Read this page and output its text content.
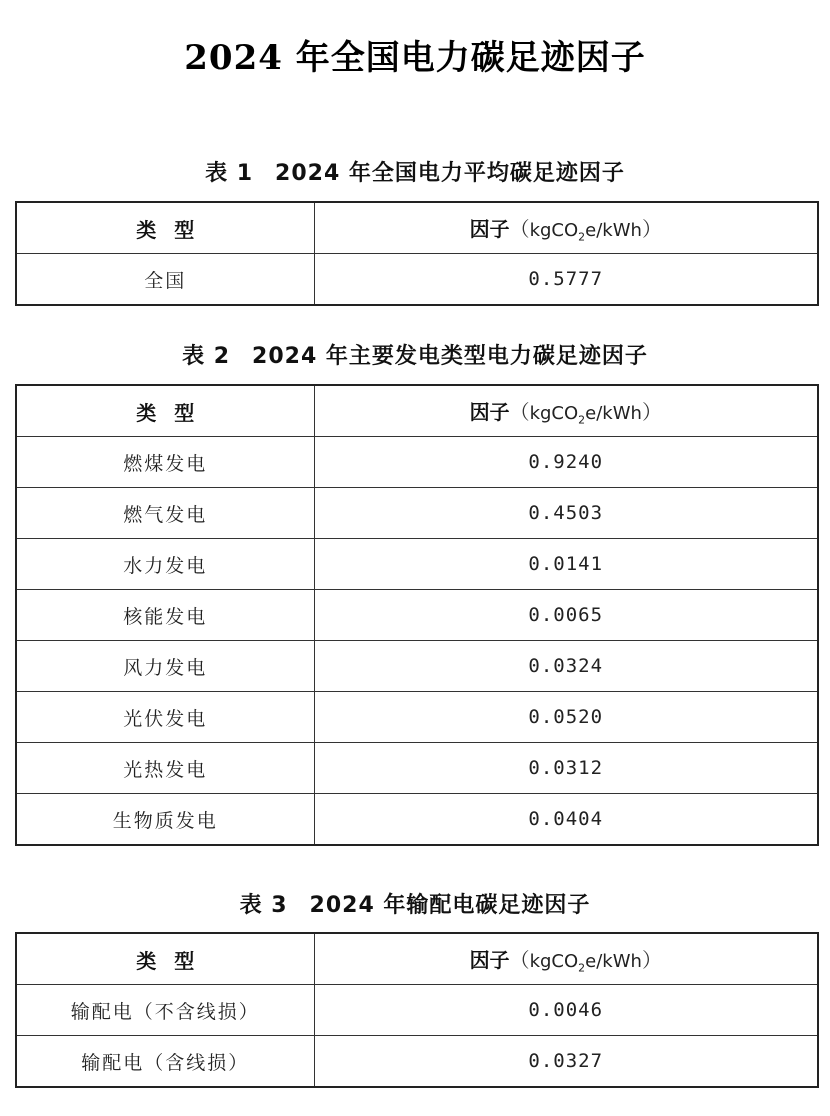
2024 年全国电力碳足迹因子
表 1 2024 年全国电力平均碳足迹因子
类型	因子（kgCO$_2$e/kWh）
全国	0.5777
表 2 2024 年主要发电类型电力碳足迹因子
类型	因子（kgCO$_2$e/kWh）
燃煤发电	0.9240
燃气发电	0.4503
水力发电	0.0141
核能发电	0.0065
风力发电	0.0324
光伏发电	0.0520
光热发电	0.0312
生物质发电	0.0404
表 3 2024 年输配电碳足迹因子
类型	因子（kgCO$_2$e/kWh）
输配电（不含线损）	0.0046
输配电（含线损）	0.0327
